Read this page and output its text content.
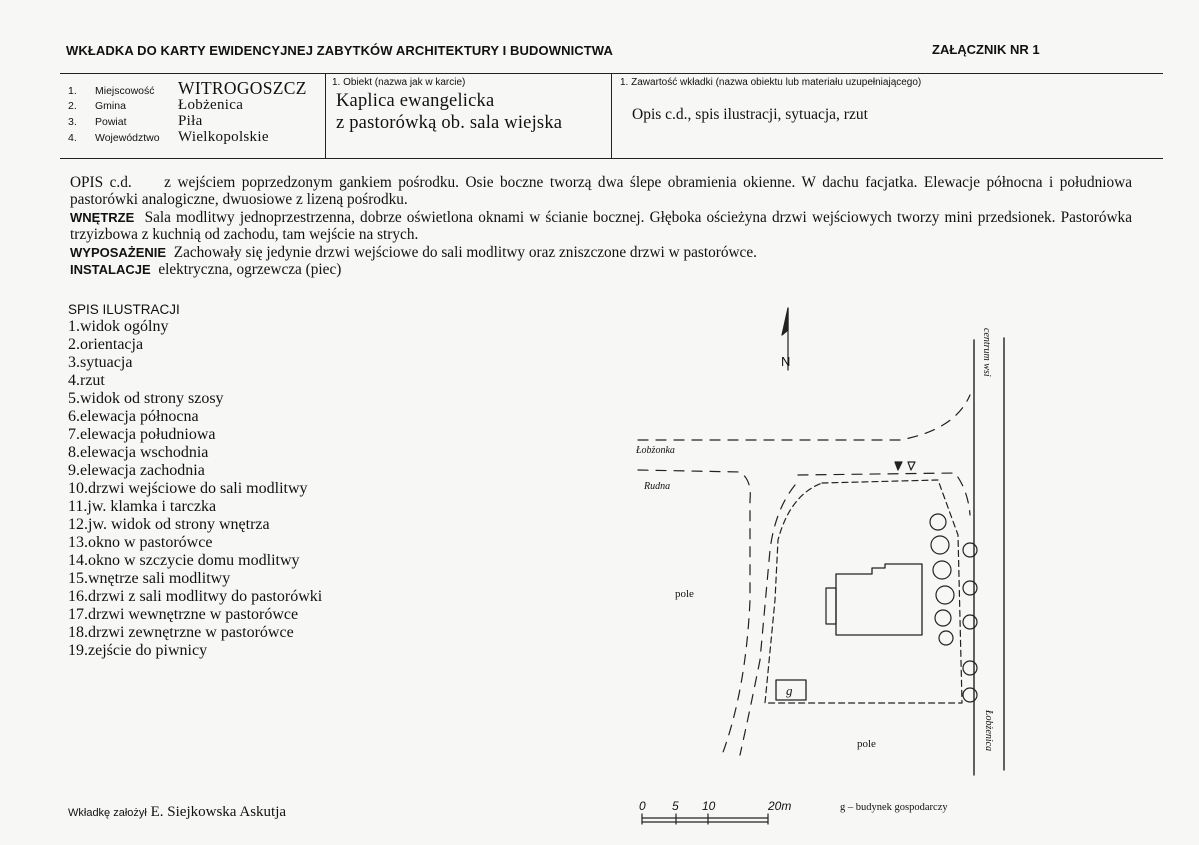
WKŁADKA DO KARTY EWIDENCYJNEJ ZABYTKÓW ARCHITEKTURY I BUDOWNICTWA	ZAŁĄCZNIK NR 1
1. Miejscowość WITROGOSZCZ
2. Gmina	Łobżenica
3. Powiat	Piła
4. Województwo Wielkopolskie
1. Obiekt (nazwa jak w karcie)
Kaplica ewangelicka
z pastorówką ob. sala wiejska
1. Zawartość wkładki (nazwa obiektu lub materiału uzupełniającego)
Opis c.d., spis ilustracji, sytuacja, rzut

OPIS c.d. z wejściem poprzedzonym gankiem pośrodku. Osie boczne tworzą dwa ślepe obramienia okienne. W dachu facjatka. Elewacje północna i południowa pastorówki analogiczne, dwuosiowe z lizeną pośrodku.

WNĘTRZE Sala modlitwy jednoprzestrzenna, dobrze oświetlona oknami w ścianie bocznej. Głęboka ościeżyna drzwi wejściowych tworzy mini przedsionek. Pastorówka trzyizbowa z kuchnią od zachodu, tam wejście na strych.

WYPOSAŻENIE Zachowały się jedynie drzwi wejściowe do sali modlitwy oraz zniszczone drzwi w pastorówce.

INSTALACJE elektryczna, ogrzewcza (piec)

SPIS ILUSTRACJI
1.widok ogólny
2.orientacja
3.sytuacja
4.rzut
5.widok od strony szosy
6.elewacja północna
7.elewacja południowa
8.elewacja wschodnia
9.elewacja zachodnia
10.drzwi wejściowe do sali modlitwy
11.jw. klamka i tarczka
12.jw. widok od strony wnętrza
13.okno w pastorówce
14.okno w szczycie domu modlitwy
15.wnętrze sali modlitwy
16.drzwi z sali modlitwy do pastorówki
17.drzwi wewnętrzne w pastorówce
18.drzwi zewnętrzne w pastorówce
19.zejście do piwnicy
N	centrum wsi
Łobżonka
Rudna
pole
pole	Łobżenica
g
0 5 10	20m	g – budynek gospodarczy
Wkładkę założył E. Siejkowska Askutja
